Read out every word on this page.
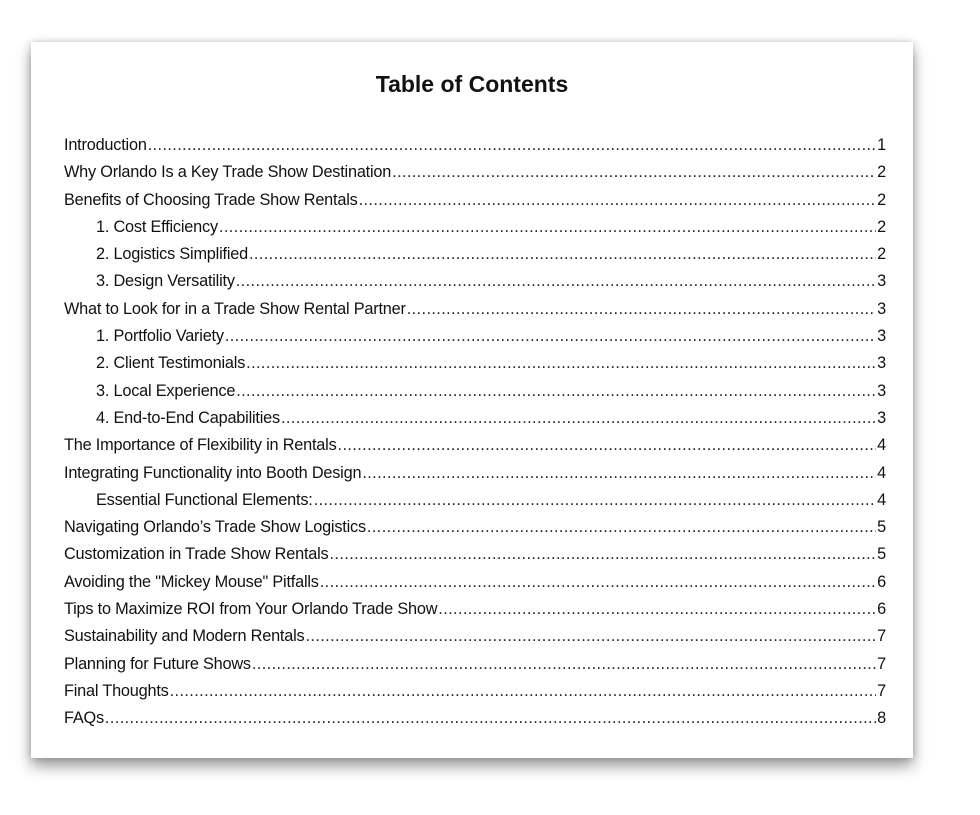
Table of Contents
Introduction .....	1
Why Orlando Is a Key Trade Show Destination .....	2
Benefits of Choosing Trade Show Rentals .....	2
1. Cost Efficiency .....	2
2. Logistics Simplified .....	2
3. Design Versatility .....	3
What to Look for in a Trade Show Rental Partner .....	3
1. Portfolio Variety .....	3
2. Client Testimonials .....	3
3. Local Experience .....	3
4. End-to-End Capabilities .....	3
The Importance of Flexibility in Rentals .....	4
Integrating Functionality into Booth Design .....	4
Essential Functional Elements: .....	4
Navigating Orlando’s Trade Show Logistics .....	5
Customization in Trade Show Rentals .....	5
Avoiding the "Mickey Mouse" Pitfalls .....	6
Tips to Maximize ROI from Your Orlando Trade Show .....	6
Sustainability and Modern Rentals .....	7
Planning for Future Shows .....	7
Final Thoughts .....	7
FAQs .....	8
